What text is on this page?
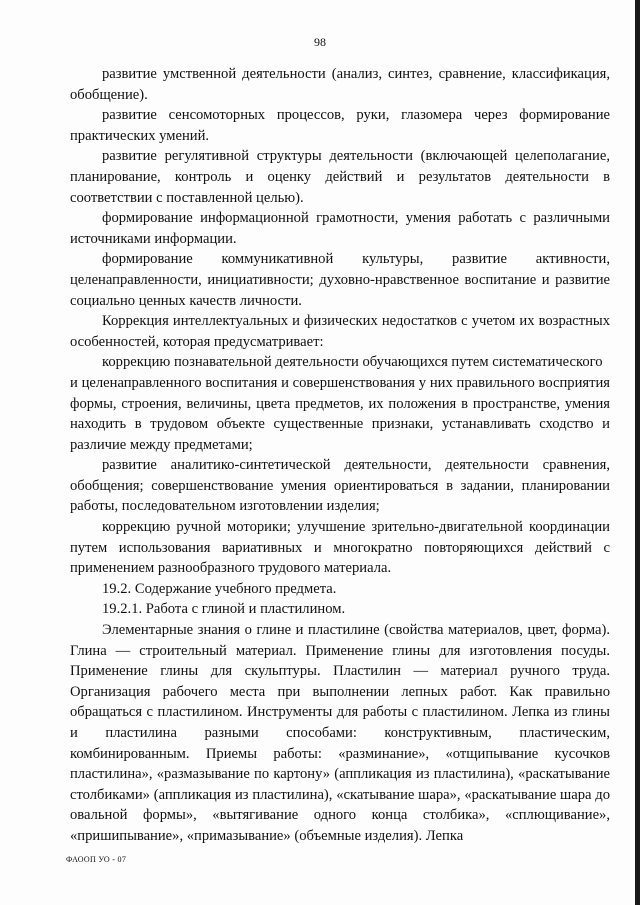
98

развитие умственной деятельности (анализ, синтез, сравнение, классификация, обобщение).

развитие сенсомоторных процессов, руки, глазомера через формирование практических умений.

развитие регулятивной структуры деятельности (включающей целеполагание, планирование, контроль и оценку действий и результатов деятельности в соответствии с поставленной целью).

формирование информационной грамотности, умения работать с различными источниками информации.

формирование коммуникативной культуры, развитие активности, целенаправленности, инициативности; духовно-нравственное воспитание и развитие социально ценных качеств личности.

Коррекция интеллектуальных и физических недостатков с учетом их возрастных особенностей, которая предусматривает:

коррекцию познавательной деятельности обучающихся путем систематического

и целенаправленного воспитания и совершенствования у них правильного восприятия формы, строения, величины, цвета предметов, их положения в пространстве, умения находить в трудовом объекте существенные признаки, устанавливать сходство и различие между предметами;

развитие аналитико-синтетической деятельности, деятельности сравнения, обобщения; совершенствование умения ориентироваться в задании, планировании работы, последовательном изготовлении изделия;

коррекцию ручной моторики; улучшение зрительно-двигательной координации путем использования вариативных и многократно повторяющихся действий с применением разнообразного трудового материала.

19.2. Содержание учебного предмета.

19.2.1. Работа с глиной и пластилином.

Элементарные знания о глине и пластилине (свойства материалов, цвет, форма). Глина — строительный материал. Применение глины для изготовления посуды. Применение глины для скульптуры. Пластилин — материал ручного труда. Организация рабочего места при выполнении лепных работ. Как правильно обращаться с пластилином. Инструменты для работы с пластилином. Лепка из глины и пластилина разными способами: конструктивным, пластическим, комбинированным. Приемы работы: «разминание», «отщипывание кусочков пластилина», «размазывание по картону» (аппликация из пластилина), «раскатывание столбиками» (аппликация из пластилина), «скатывание шара», «раскатывание шара до овальной формы», «вытягивание одного конца столбика», «сплющивание», «пришипывание», «примазывание» (объемные изделия). Лепка

ФАООП УО - 07
